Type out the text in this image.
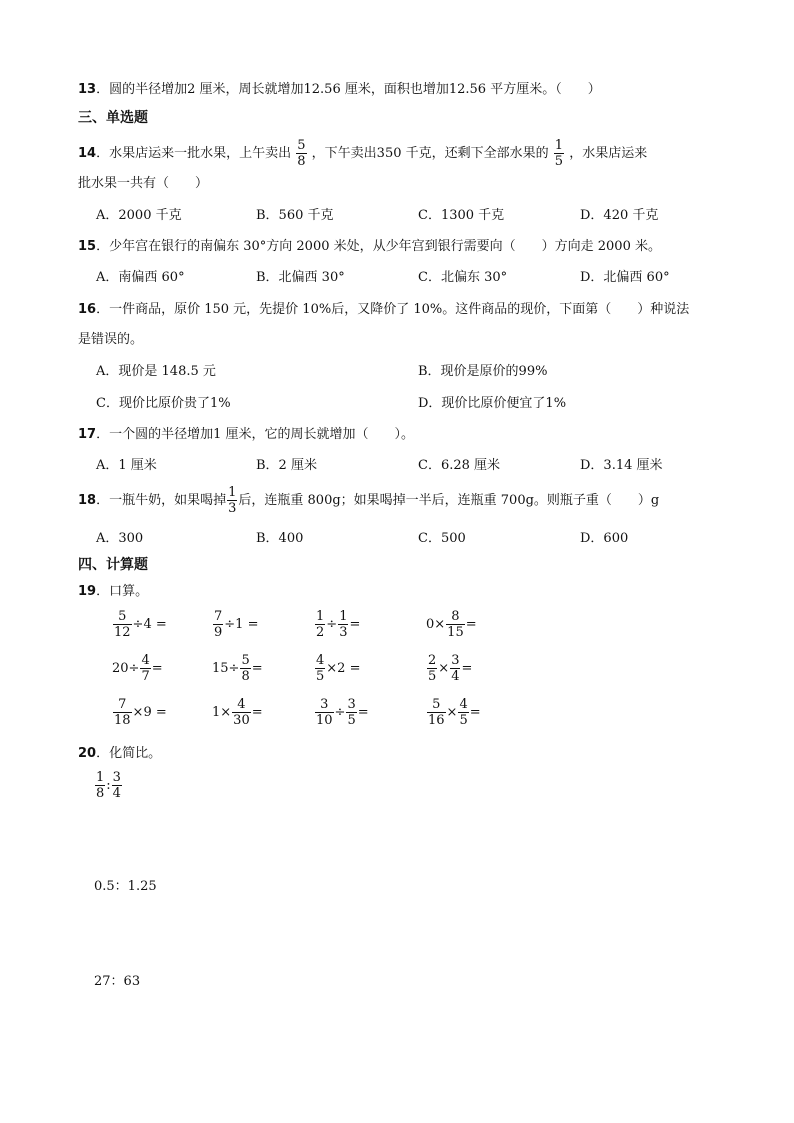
13．圆的半径增加2 厘米，周长就增加12.56 厘米，面积也增加12.56 平方厘米。（　　）
三、单选题
14．水果店运来一批水果，上午卖出 $\frac{5}{8}$ ，下午卖出350 千克，还剩下全部水果的 $\frac{1}{5}$ ，水果店运来
批水果一共有（　　）
A．2000 千克	B．560 千克	C．1300 千克	D．420 千克
15．少年宫在银行的南偏东 30°方向 2000 米处，从少年宫到银行需要向（　　）方向走 2000 米。
A．南偏西 60°	B．北偏西 30°	C．北偏东 30°	D．北偏西 60°
16．一件商品，原价 150 元，先提价 10%后，又降价了 10%。这件商品的现价，下面第（　　）种说法
是错误的。
A．现价是 148.5 元	B．现价是原价的99%
C．现价比原价贵了1%	D．现价比原价便宜了1%
17．一个圆的半径增加1 厘米，它的周长就增加（　　）。
A．1 厘米	B．2 厘米	C．6.28 厘米	D．3.14 厘米
18．一瓶牛奶，如果喝掉 $\frac{1}{3}$ 后，连瓶重 800g；如果喝掉一半后，连瓶重 700g。则瓶子重（　　）g
A．300	B．400	C．500	D．600
四、计算题
19．口算。
$\frac{5}{12} \div 4$ =	$\frac{7}{9} \div 1$ =	$\frac{1}{2} \div \frac{1}{3}$ =	$0\times \frac{8}{15}$ =
$20\div \frac{4}{7}$ =	$15\div \frac{5}{8}$ =	$\frac{4}{5} \times 2$ =	$\frac{2}{5} \times \frac{3}{4}$ =
$\frac{7}{18} \times 9$ =	$1\times \frac{4}{30}$ =	$\frac{3}{10} \div \frac{3}{5}$ =	$\frac{5}{16} \times \frac{4}{5}$ =
20．化简比。
$\frac{1}{8}$ : $\frac{3}{4}$
0.5：1.25
27：63
